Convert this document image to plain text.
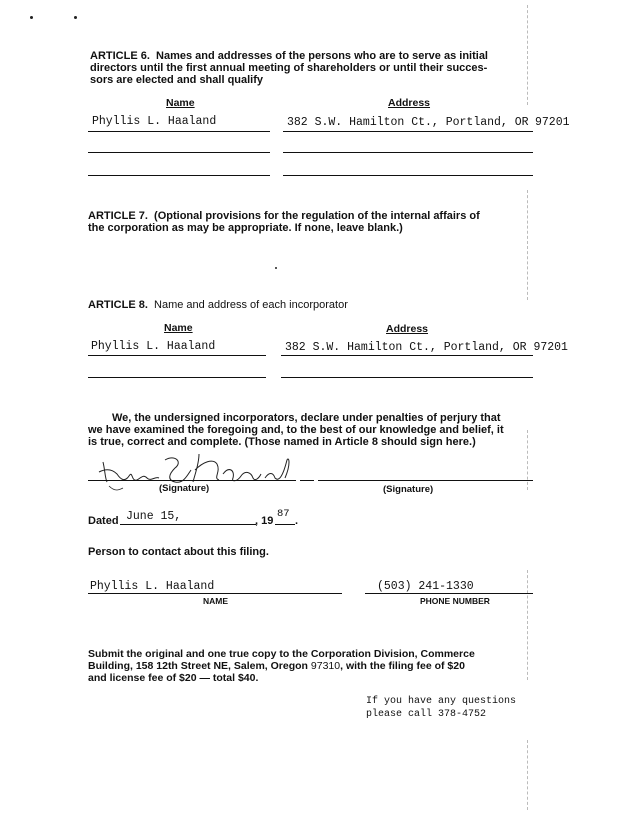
ARTICLE 6. Names and addresses of the persons who are to serve as initial
directors until the first annual meeting of shareholders or until their succes-
sors are elected and shall qualify
Name	Address
Phyllis L. Haaland	382 S.W. Hamilton Ct., Portland, OR 97201
ARTICLE 7. (Optional provisions for the regulation of the internal affairs of
the corporation as may be appropriate. If none, leave blank.)
ARTICLE 8. Name and address of each incorporator
Name	Address
Phyllis L. Haaland	382 S.W. Hamilton Ct., Portland, OR 97201
We, the undersigned incorporators, declare under penalties of perjury that
we have examined the foregoing and, to the best of our knowledge and belief, it
is true, correct and complete. (Those named in Article 8 should sign here.)
(Signature)	(Signature)
Dated June 15,	, 19
87
.
Person to contact about this filing.
Phyllis L. Haaland	(503) 241-1330
NAME	PHONE NUMBER
Submit the original and one true copy to the Corporation Division, Commerce
Building, 158 12th Street NE, Salem, Oregon 97310, with the filing fee of $20
and license fee of $20 — total $40.
If you have any questions
please call 378-4752
